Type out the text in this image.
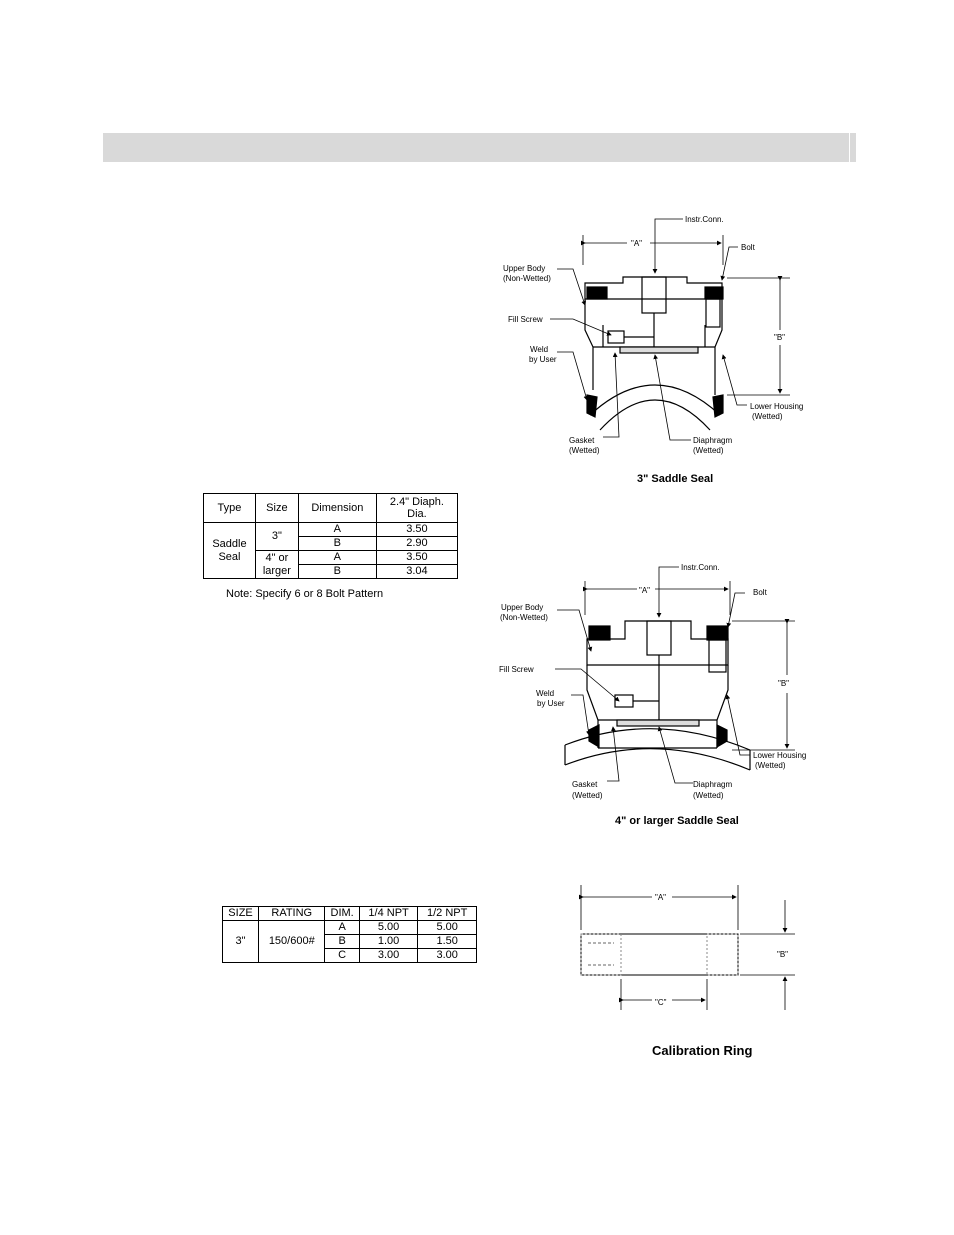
Instr.Conn.
"A"	Bolt
Upper Body
(Non-Wetted)
Fill Screw
Weld
by User
"B"
Lower Housing
(Wetted)
Gasket
(Wetted)
Diaphragm
(Wetted)
3" Saddle Seal
Type	Size	Dimension	2.4" Diaph.
Dia.
Saddle
Seal	3"	A	3.50
		B	2.90
	4" or
larger	A	3.50
		B	3.04
Note: Specify 6 or 8 Bolt Pattern
Instr.Conn.
"A"	Bolt
Upper Body
(Non-Wetted)
Fill Screw
Weld
by User
"B"
Lower Housing
(Wetted)
Gasket
(Wetted)
Diaphragm
(Wetted)
4" or larger Saddle Seal
SIZE	RATING	DIM.	1/4 NPT	1/2 NPT
3"	150/600#	A	5.00	5.00
		B	1.00	1.50
		C	3.00	3.00
"A"
"B"
"C"
Calibration Ring
